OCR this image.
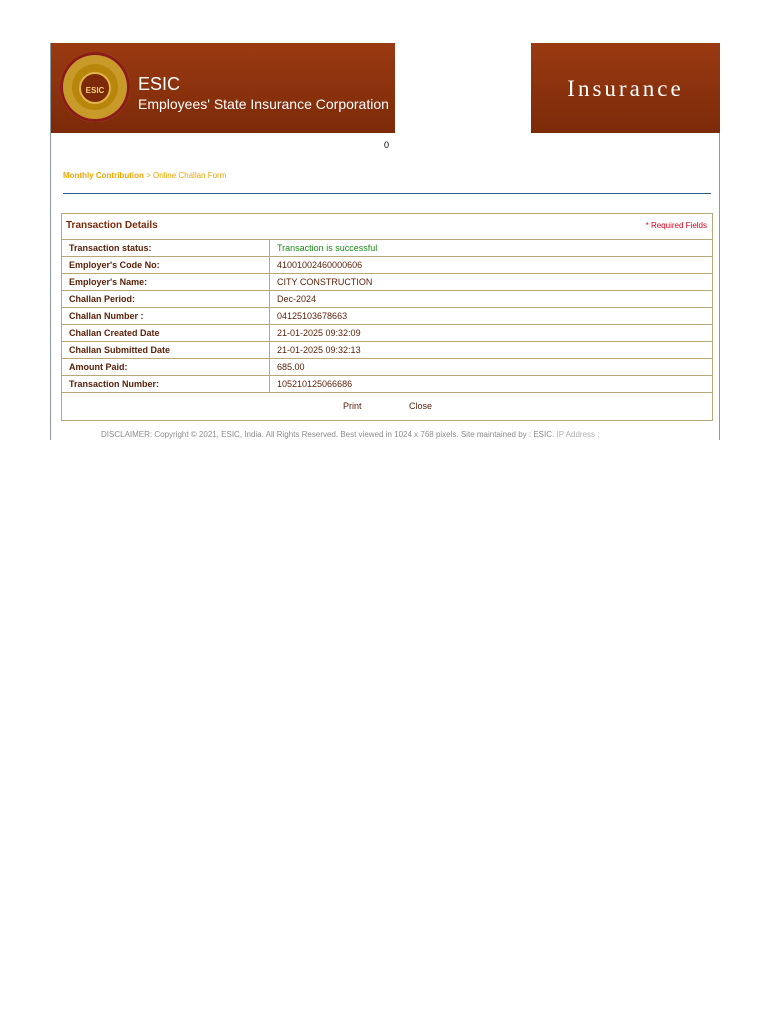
ESIC ESIC
Employees' State Insurance Corporation
Insurance
0
Monthly Contribution > Online Challan Form
Transaction Details	* Required Fields
Transaction status:	Transaction is successful
Employer's Code No:	41001002460000606
Employer's Name:	CITY CONSTRUCTION
Challan Period:	Dec-2024
Challan Number :	04125103678663
Challan Created Date	21-01-2025 09:32:09
Challan Submitted Date	21-01-2025 09:32:13
Amount Paid:	685.00
Transaction Number:	105210125066686
Print	Close
DISCLAIMER: Copyright © 2021, ESIC, India. All Rights Reserved. Best viewed in 1024 x 768 pixels. Site maintained by : ESIC. IP Address :
